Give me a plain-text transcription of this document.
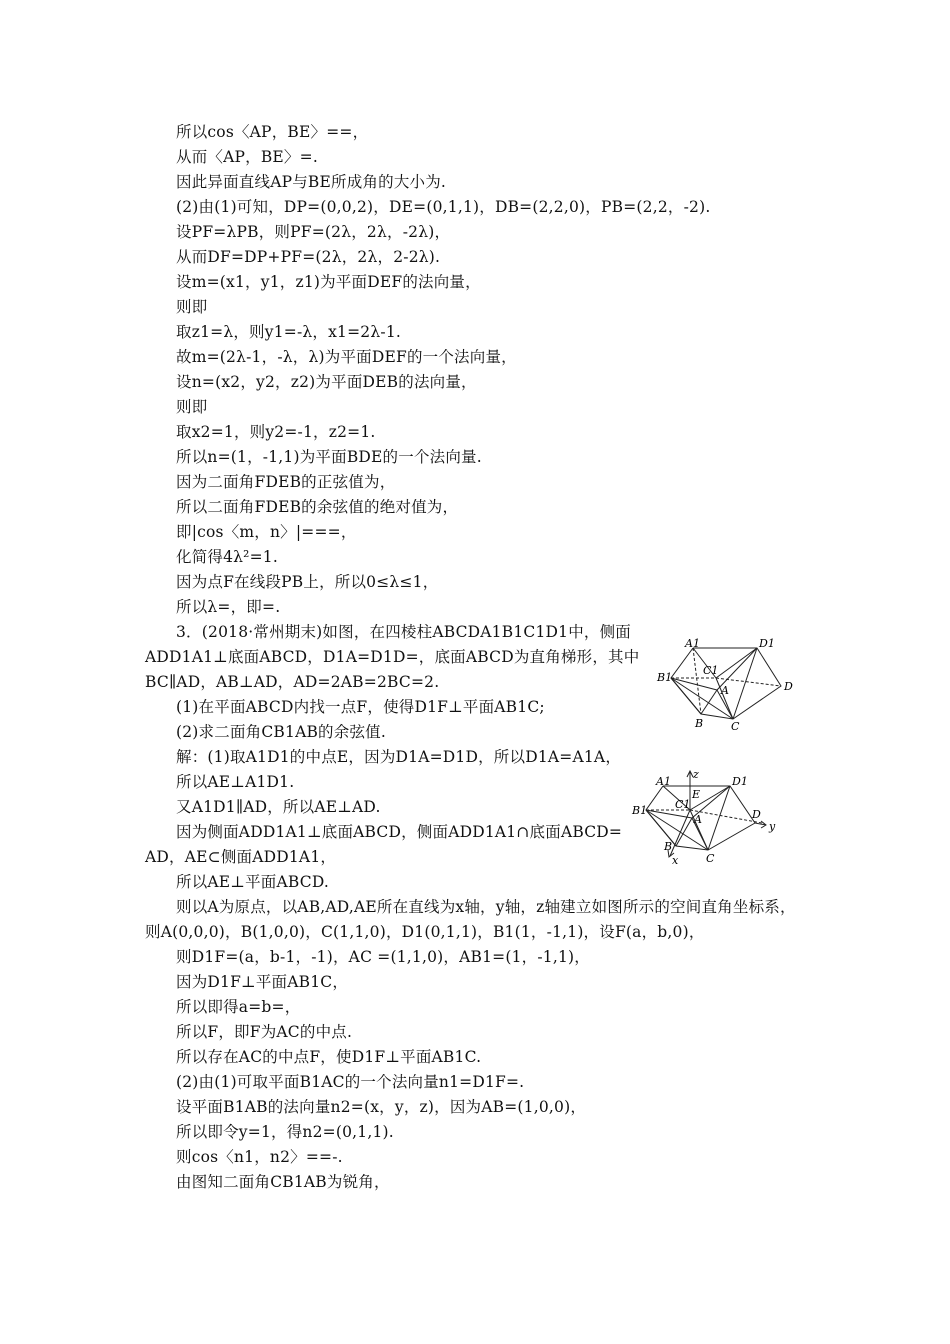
所以cos〈AP，BE〉==，
从而〈AP，BE〉=.
因此异面直线AP与BE所成角的大小为.
(2)由(1)可知，DP=(0,0,2)，DE=(0,1,1)，DB=(2,2,0)，PB=(2,2，-2).
设PF=λPB，则PF=(2λ，2λ，-2λ)，
从而DF=DP+PF=(2λ，2λ，2-2λ).
设m=(x1，y1，z1)为平面DEF的法向量，
则即
取z1=λ，则y1=-λ，x1=2λ-1.
故m=(2λ-1，-λ，λ)为平面DEF的一个法向量，
设n=(x2，y2，z2)为平面DEB的法向量，
则即
取x2=1，则y2=-1，z2=1.
所以n=(1，-1,1)为平面BDE的一个法向量.
因为二面角FDEB的正弦值为，
所以二面角FDEB的余弦值的绝对值为，
即|cos〈m，n〉|===，
化简得4λ²=1.
因为点F在线段PB上，所以0≤λ≤1，
所以λ=，即=.
3．(2018·常州期末)如图，在四棱柱ABCDA1B1C1D1中，侧面
ADD1A1⊥底面ABCD，D1A=D1D=，底面ABCD为直角梯形，其中
BC∥AD，AB⊥AD，AD=2AB=2BC=2.
(1)在平面ABCD内找一点F，使得D1F⊥平面AB1C;
(2)求二面角CB1AB的余弦值.
解：(1)取A1D1的中点E，因为D1A=D1D，所以D1A=A1A，
所以AE⊥A1D1.
又A1D1∥AD，所以AE⊥AD.
因为侧面ADD1A1⊥底面ABCD，侧面ADD1A1∩底面ABCD=
AD，AE⊂侧面ADD1A1，
所以AE⊥平面ABCD.
则以A为原点，以AB,AD,AE所在直线为x轴，y轴，z轴建立如图所示的空间直角坐标系，
则A(0,0,0)，B(1,0,0)，C(1,1,0)，D1(0,1,1)，B1(1，-1,1)，设F(a，b,0)，
则D1F=(a，b-1，-1)，AC =(1,1,0)，AB1=(1，-1,1)，
因为D1F⊥平面AB1C，
所以即得a=b=，
所以F，即F为AC的中点.
所以存在AC的中点F，使D1F⊥平面AB1C.
(2)由(1)可取平面B1AC的一个法向量n1=D1F=.
设平面B1AB的法向量n2=(x，y，z)，因为AB=(1,0,0)，
所以即令y=1，得n2=(0,1,1).
则cos〈n1，n2〉==-.
由图知二面角CB1AB为锐角，
A1	D1
B1
C1
A	D
B	C
A1
z
D1
B1
E
C1
A	D
y
B
x	C
